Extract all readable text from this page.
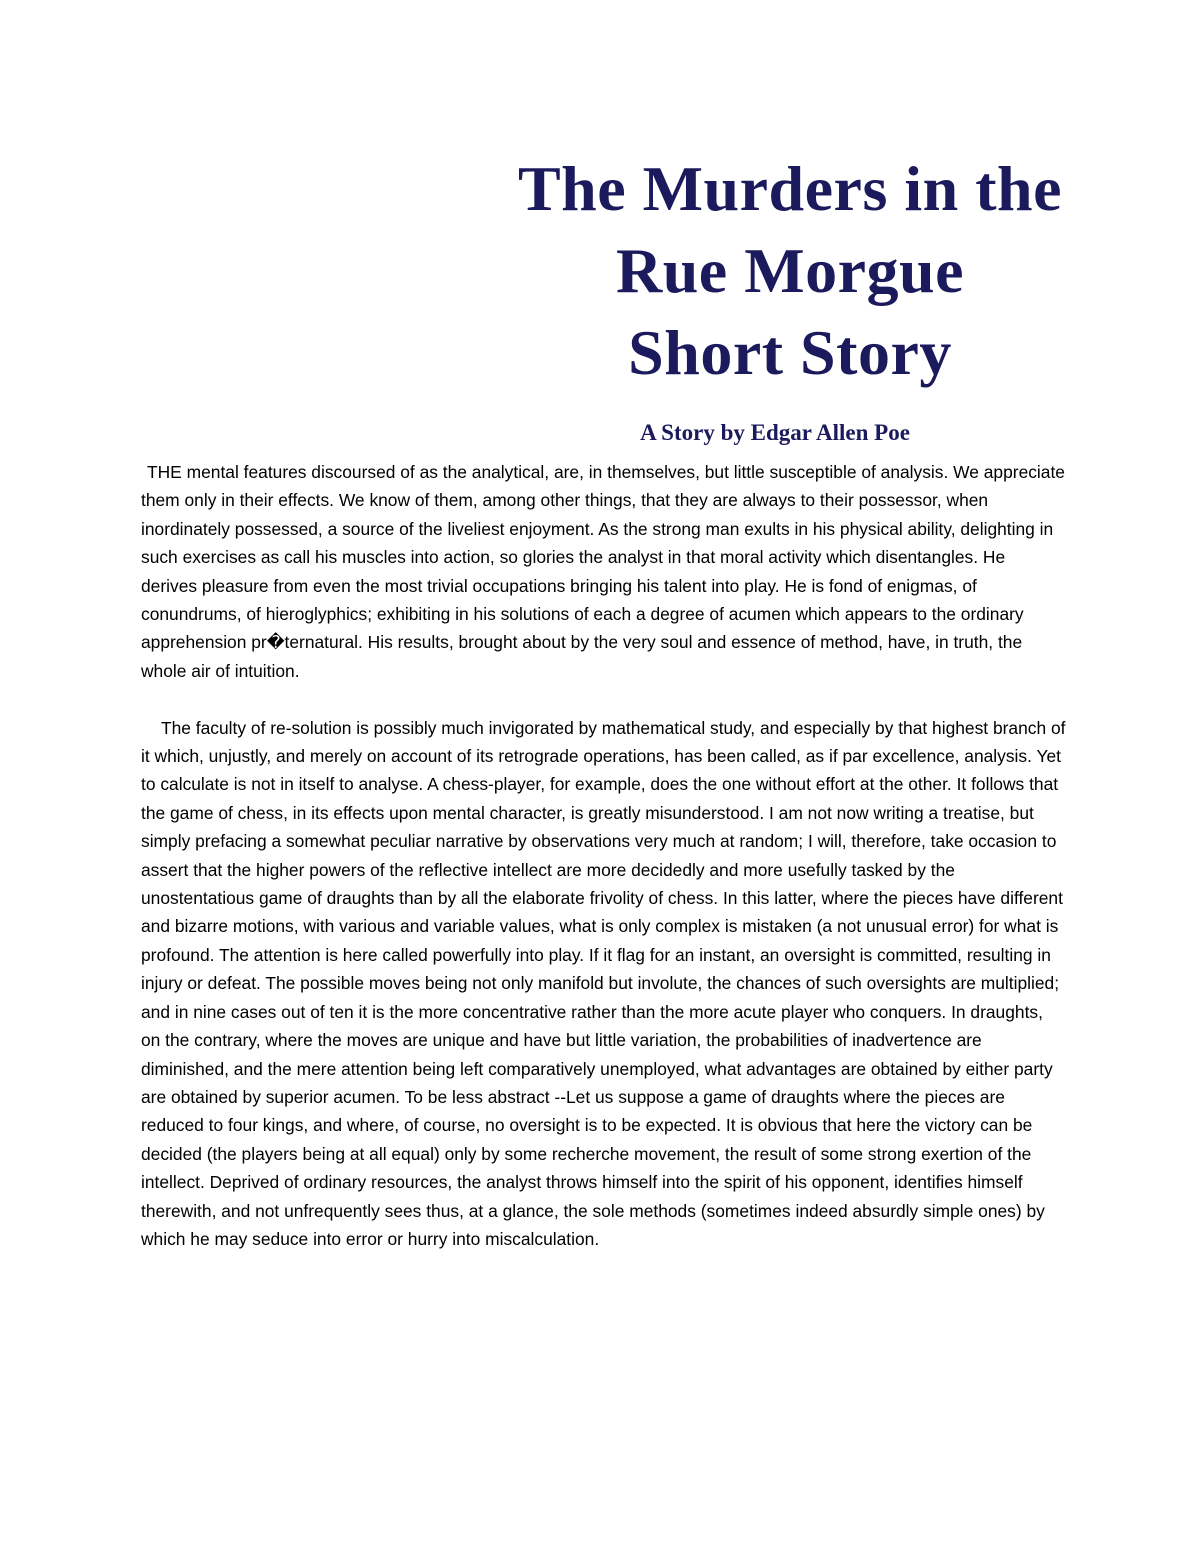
The Murders in the
Rue Morgue
Short Story
A Story by Edgar Allen Poe

THE mental features discoursed of as the analytical, are, in themselves, but little susceptible of analysis. We appreciate them only in their effects. We know of them, among other things, that they are always to their possessor, when inordinately possessed, a source of the liveliest enjoyment. As the strong man exults in his physical ability, delighting in such exercises as call his muscles into action, so glories the analyst in that moral activity which disentangles. He derives pleasure from even the most trivial occupations bringing his talent into play. He is fond of enigmas, of conundrums, of hieroglyphics; exhibiting in his solutions of each a degree of acumen which appears to the ordinary apprehension pr�ternatural. His results, brought about by the very soul and essence of method, have, in truth, the whole air of intuition.

The faculty of re-solution is possibly much invigorated by mathematical study, and especially by that highest branch of it which, unjustly, and merely on account of its retrograde operations, has been called, as if par excellence, analysis. Yet to calculate is not in itself to analyse. A chess-player, for example, does the one without effort at the other. It follows that the game of chess, in its effects upon mental character, is greatly misunderstood. I am not now writing a treatise, but simply prefacing a somewhat peculiar narrative by observations very much at random; I will, therefore, take occasion to assert that the higher powers of the reflective intellect are more decidedly and more usefully tasked by the unostentatious game of draughts than by all the elaborate frivolity of chess. In this latter, where the pieces have different and bizarre motions, with various and variable values, what is only complex is mistaken (a not unusual error) for what is profound. The attention is here called powerfully into play. If it flag for an instant, an oversight is committed, resulting in injury or defeat. The possible moves being not only manifold but involute, the chances of such oversights are multiplied; and in nine cases out of ten it is the more concentrative rather than the more acute player who conquers. In draughts, on the contrary, where the moves are unique and have but little variation, the probabilities of inadvertence are diminished, and the mere attention being left comparatively unemployed, what advantages are obtained by either party are obtained by superior acumen. To be less abstract --Let us suppose a game of draughts where the pieces are reduced to four kings, and where, of course, no oversight is to be expected. It is obvious that here the victory can be decided (the players being at all equal) only by some recherche movement, the result of some strong exertion of the intellect. Deprived of ordinary resources, the analyst throws himself into the spirit of his opponent, identifies himself therewith, and not unfrequently sees thus, at a glance, the sole methods (sometimes indeed absurdly simple ones) by which he may seduce into error or hurry into miscalculation.
